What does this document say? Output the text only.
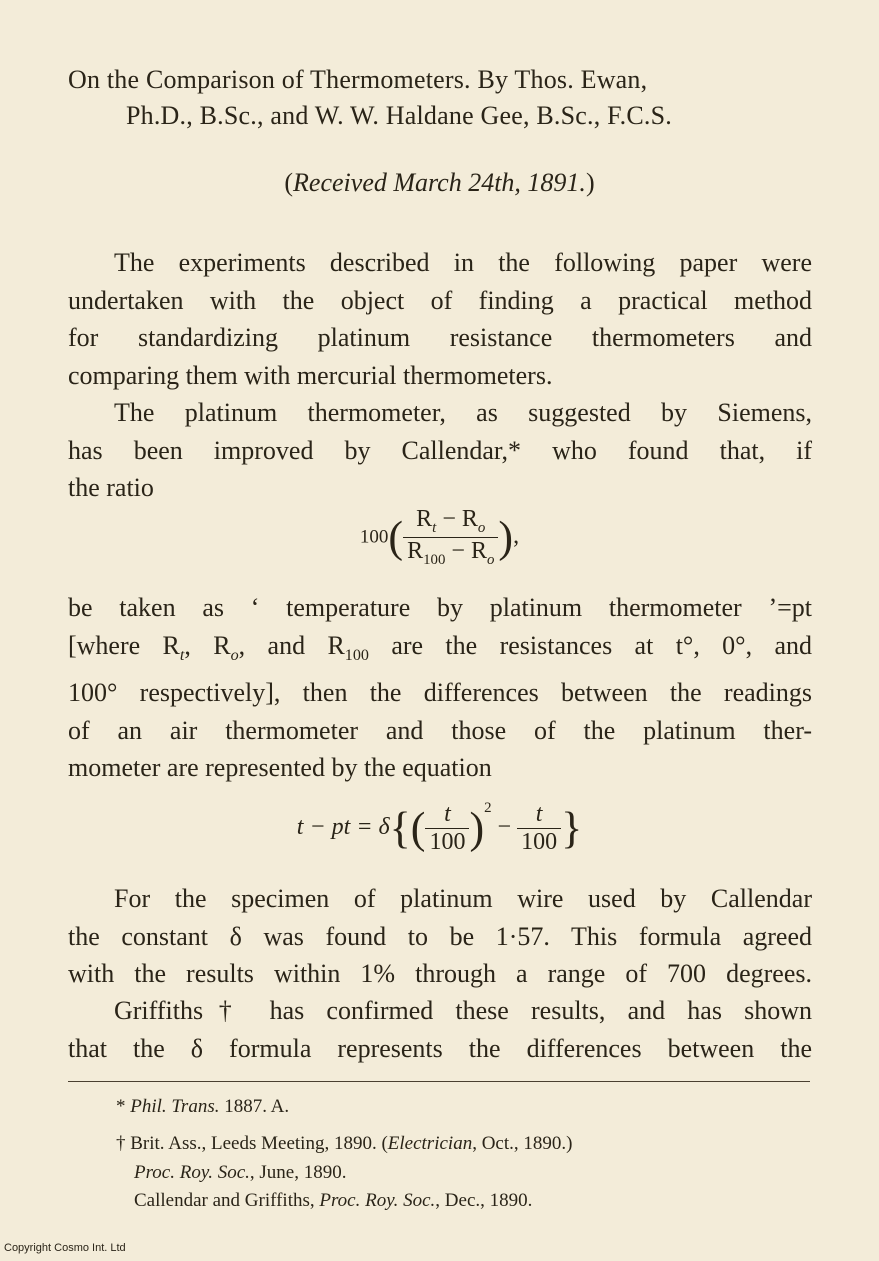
On the Comparison of Thermometers. By Thos. Ewan,
Ph.D., B.Sc., and W. W. Haldane Gee, B.Sc., F.C.S.
(Received March 24th, 1891.)
The experiments described in the following paper were
undertaken with the object of finding a practical method
for standardizing platinum resistance thermometers and
comparing them with mercurial thermometers.
The platinum thermometer, as suggested by Siemens,
has been improved by Callendar,* who found that, if
the ratio
$100( \frac{R_t - R_o}{R_{100} - R_o}$ ),
be taken as ‘ temperature by platinum thermometer ’=pt
[where $R_t$, $R_o$, and $R_{100}$ are the resistances at t°, 0°, and
100° respectively], then the differences between the readings
of an air thermometer and those of the platinum ther-
mometer are represented by the equation
t − pt = $\delta\{( \frac{t}{100} )^2 - \frac{t}{100}$ }
For the specimen of platinum wire used by Callendar
the constant δ was found to be 1·57. This formula agreed
with the results within 1% through a range of 700 degrees.
Griffiths† has confirmed these results, and has shown
that the δ formula represents the differences between the
* Phil. Trans. 1887. A.
† Brit. Ass., Leeds Meeting, 1890. (Electrician, Oct., 1890.)
Proc. Roy. Soc., June, 1890.
Callendar and Griffiths, Proc. Roy. Soc., Dec., 1890.
Copyright Cosmo Int. Ltd
